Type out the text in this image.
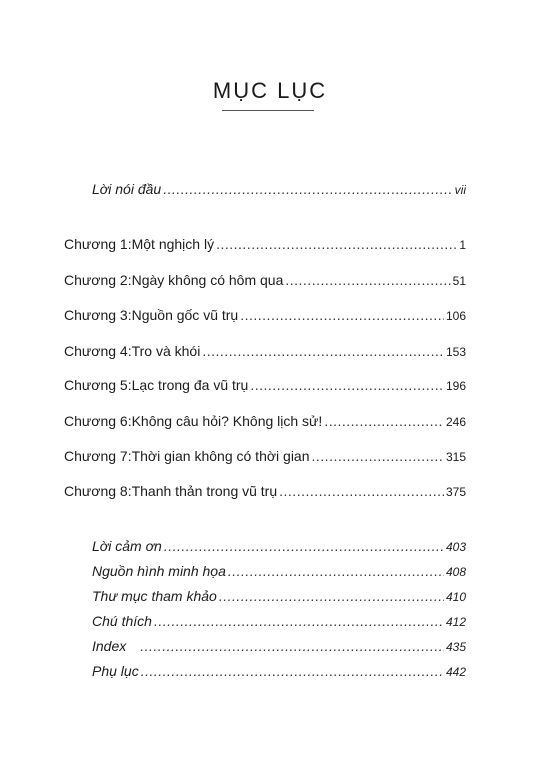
MỤC LỤC
Lời nói đầu .....	vii
Chương 1: Một nghịch lý .....	1
Chương 2: Ngày không có hôm qua .....	51
Chương 3: Nguồn gốc vũ trụ .....	106
Chương 4: Tro và khói .....	153
Chương 5: Lạc trong đa vũ trụ .....	196
Chương 6: Không câu hỏi? Không lịch sử! .....	246
Chương 7: Thời gian không có thời gian .....	315
Chương 8: Thanh thản trong vũ trụ .....	375
Lời cảm ơn .....	403
Nguồn hình minh họa .....	408
Thư mục tham khảo .....	410
Chú thích .....	412
Index .....	435
Phụ lục .....	442
